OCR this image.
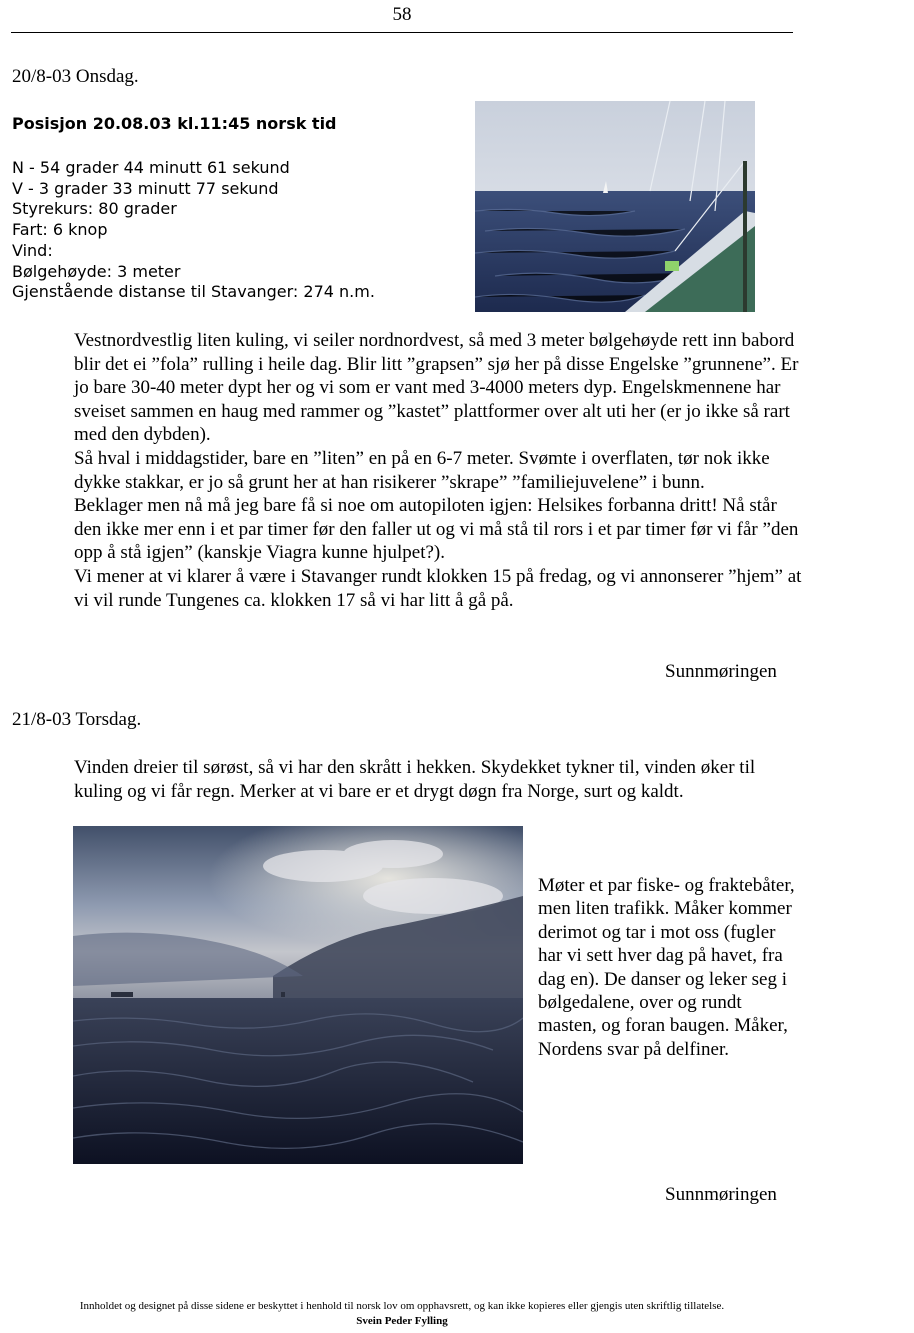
58
20/8-03 Onsdag.
Posisjon 20.08.03 kl.11:45 norsk tid
N - 54 grader 44 minutt 61 sekund
V - 3 grader 33 minutt 77 sekund
Styrekurs: 80 grader
Fart: 6 knop
Vind:
Bølgehøyde: 3 meter
Gjenstående distanse til Stavanger: 274 n.m.

Vestnordvestlig liten kuling, vi seiler nordnordvest, så med 3 meter bølgehøyde rett inn babord blir det ei ”fola” rulling i heile dag. Blir litt ”grapsen” sjø her på disse Engelske ”grunnene”. Er jo bare 30-40 meter dypt her og vi som er vant med 3-4000 meters dyp. Engelskmennene har sveiset sammen en haug med rammer og ”kastet” plattformer over alt uti her (er jo ikke så rart med den dybden).

Så hval i middagstider, bare en ”liten” en på en 6-7 meter. Svømte i overflaten, tør nok ikke dykke stakkar, er jo så grunt her at han risikerer ”skrape” ”familiejuvelene” i bunn.

Beklager men nå må jeg bare få si noe om autopiloten igjen: Helsikes forbanna dritt! Nå står den ikke mer enn i et par timer før den faller ut og vi må stå til rors i et par timer før vi får ”den opp å stå igjen” (kanskje Viagra kunne hjulpet?).

Vi mener at vi klarer å være i Stavanger rundt klokken 15 på fredag, og vi annonserer ”hjem” at vi vil runde Tungenes ca. klokken 17 så vi har litt å gå på.

Sunnmøringen
21/8-03 Torsdag.

Vinden dreier til sørøst, så vi har den skrått i hekken. Skydekket tykner til, vinden øker til kuling og vi får regn. Merker at vi bare er et drygt døgn fra Norge, surt og kaldt.

Møter et par fiske- og fraktebåter, men liten trafikk. Måker kommer derimot og tar i mot oss (fugler har vi sett hver dag på havet, fra dag en). De danser og leker seg i bølgedalene, over og rundt masten, og foran baugen. Måker, Nordens svar på delfiner.

Sunnmøringen
Innholdet og designet på disse sidene er beskyttet i henhold til norsk lov om opphavsrett, og kan ikke kopieres eller gjengis uten skriftlig tillatelse.
Svein Peder Fylling
